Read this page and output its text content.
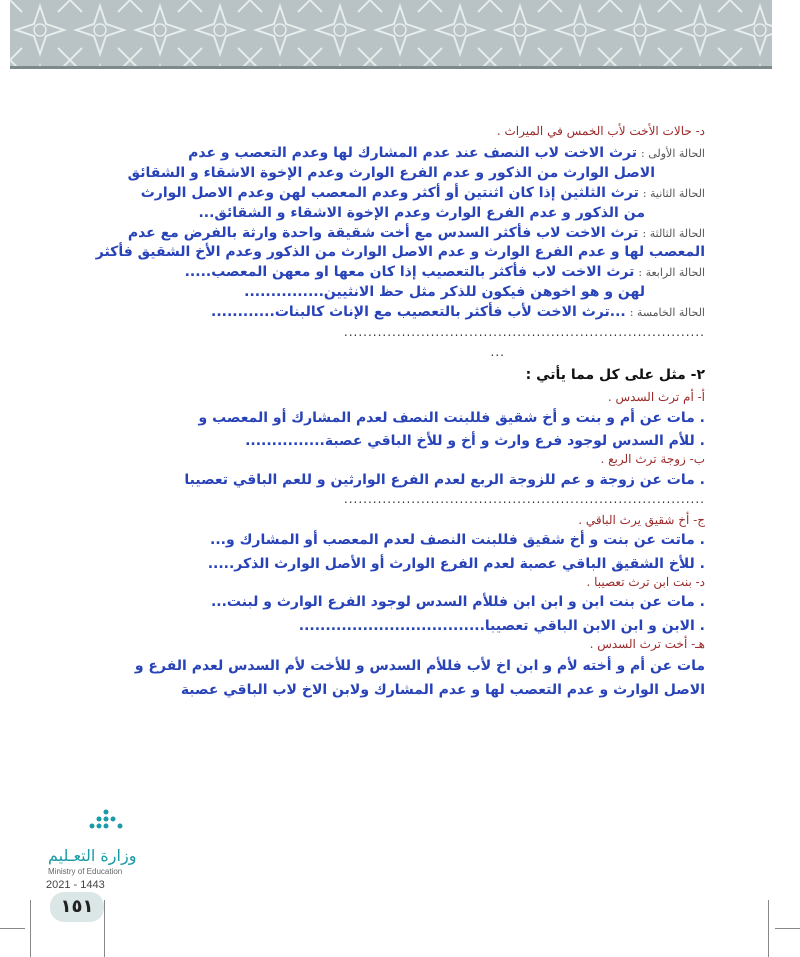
د- حالات الأخت لأب الخمس في الميراث .
الحالة الأولى :ترث الاخت لاب النصف عند عدم المشارك لها وعدم التعصب و عدم
الاصل الوارث من الذكور و عدم الفرع الوارث وعدم الإخوة الاشقاء و الشقائق
الحالة الثانية :ترث الثلثين إذا كان اثنتين أو أكثر وعدم المعصب لهن وعدم الاصل الوارث
من الذكور و عدم الفرع الوارث وعدم الإخوة الاشقاء و الشقائق...
الحالة الثالثة :ترث الاخت لاب فأكثر السدس مع أخت شقيقة واحدة وارثة بالفرض مع عدم
المعصب لها و عدم الفرع الوارث و عدم الاصل الوارث من الذكور وعدم الأخ الشقيق فأكثر
الحالة الرابعة :ترث الاخت لاب فأكثر بالتعصيب إذا كان معها او معهن المعصب.....
لهن و هو اخوهن فيكون للذكر مثل حظ الانثيين...............
الحالة الخامسة :...ترث الاخت لأب فأكثر بالتعصيب مع الإناث كالبنات............
...........................................................................
...
٢- مثل على كل مما يأتي :
أ- أم ترث السدس .
. مات عن أم و بنت و أخ شقيق فللبنت النصف لعدم المشارك أو المعصب و
. للأم السدس لوجود فرع وارث و أخ و للأخ الباقي عصبة...............
ب- زوجة ترث الربع .
. مات عن زوجة و عم للزوجة الربع لعدم الفرع الوارثين و للعم الباقي تعصيبا
...........................................................................
ج- أخ شقيق يرث الباقي .
. ماتت عن بنت و أخ شقيق فللبنت النصف لعدم المعصب أو المشارك و...
. للأخ الشقيق الباقي عصبة لعدم الفرع الوارث أو الأصل الوارث الذكر.....
د- بنت ابن ترث تعصيبا .
. مات عن بنت ابن و ابن ابن فللأم السدس لوجود الفرع الوارث و لبنت...
. الابن و ابن الابن الباقي تعصيبا...................................
هـ- أخت ترث السدس .
مات عن أم و أخته لأم و ابن اخ لأب فللأم السدس و للأخت لأم السدس لعدم الفرع و
الاصل الوارث و عدم التعصب لها و عدم المشارك ولابن الاخ لاب الباقي عصبة
وزارة التعـليم
Ministry of Education
2021 - 1443
١٥١
